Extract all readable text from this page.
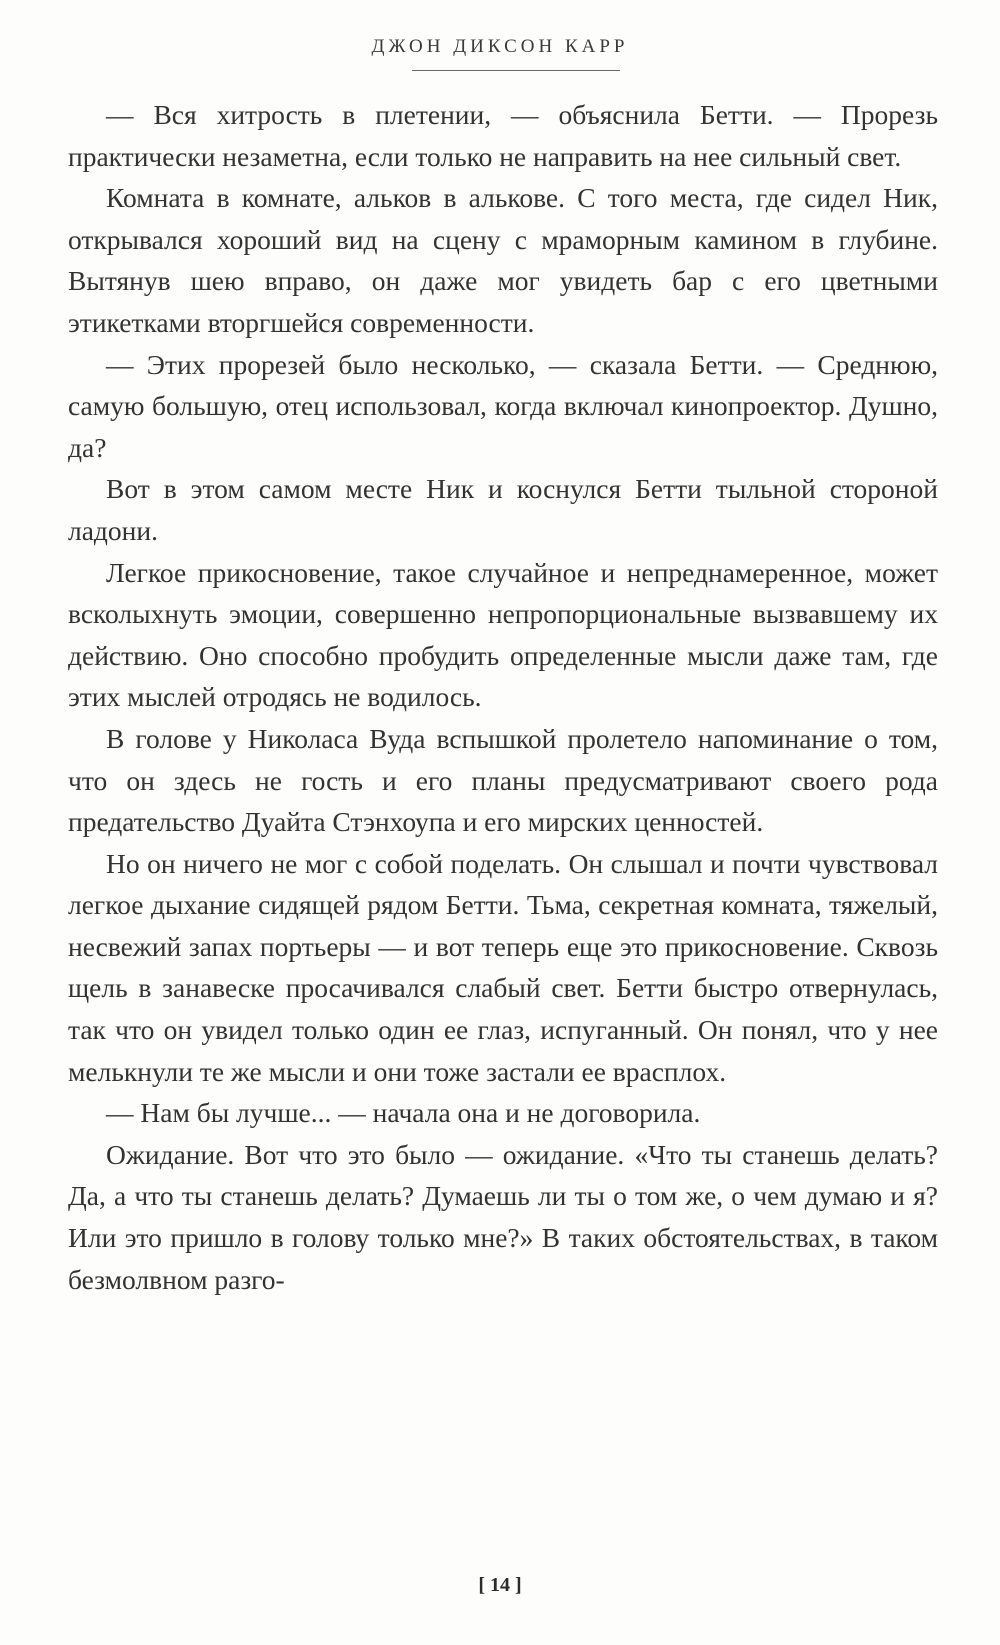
ДЖОН ДИКСОН КАРР

— Вся хитрость в плетении, — объяснила Бетти. — Прорезь практически незаметна, если только не направить на нее сильный свет.

Комната в комнате, альков в алькове. С того места, где сидел Ник, открывался хороший вид на сцену с мраморным камином в глубине. Вытянув шею вправо, он даже мог увидеть бар с его цветными этикетками вторгшейся современности.

— Этих прорезей было несколько, — сказала Бетти. — Среднюю, самую большую, отец использовал, когда включал кинопроектор. Душно, да?

Вот в этом самом месте Ник и коснулся Бетти тыльной стороной ладони.

Легкое прикосновение, такое случайное и непреднамеренное, может всколыхнуть эмоции, совершенно непропорциональные вызвавшему их действию. Оно способно пробудить определенные мысли даже там, где этих мыслей отродясь не водилось.

В голове у Николаса Вуда вспышкой пролетело напоминание о том, что он здесь не гость и его планы предусматривают своего рода предательство Дуайта Стэнхоупа и его мирских ценностей.

Но он ничего не мог с собой поделать. Он слышал и почти чувствовал легкое дыхание сидящей рядом Бетти. Тьма, секретная комната, тяжелый, несвежий запах портьеры — и вот теперь еще это прикосновение. Сквозь щель в занавеске просачивался слабый свет. Бетти быстро отвернулась, так что он увидел только один ее глаз, испуганный. Он понял, что у нее мелькнули те же мысли и они тоже застали ее врасплох.

— Нам бы лучше... — начала она и не договорила.

Ожидание. Вот что это было — ожидание. «Что ты станешь делать? Да, а что ты станешь делать? Думаешь ли ты о том же, о чем думаю и я? Или это пришло в голову только мне?» В таких обстоятельствах, в таком безмолвном разго-

[ 14 ]
